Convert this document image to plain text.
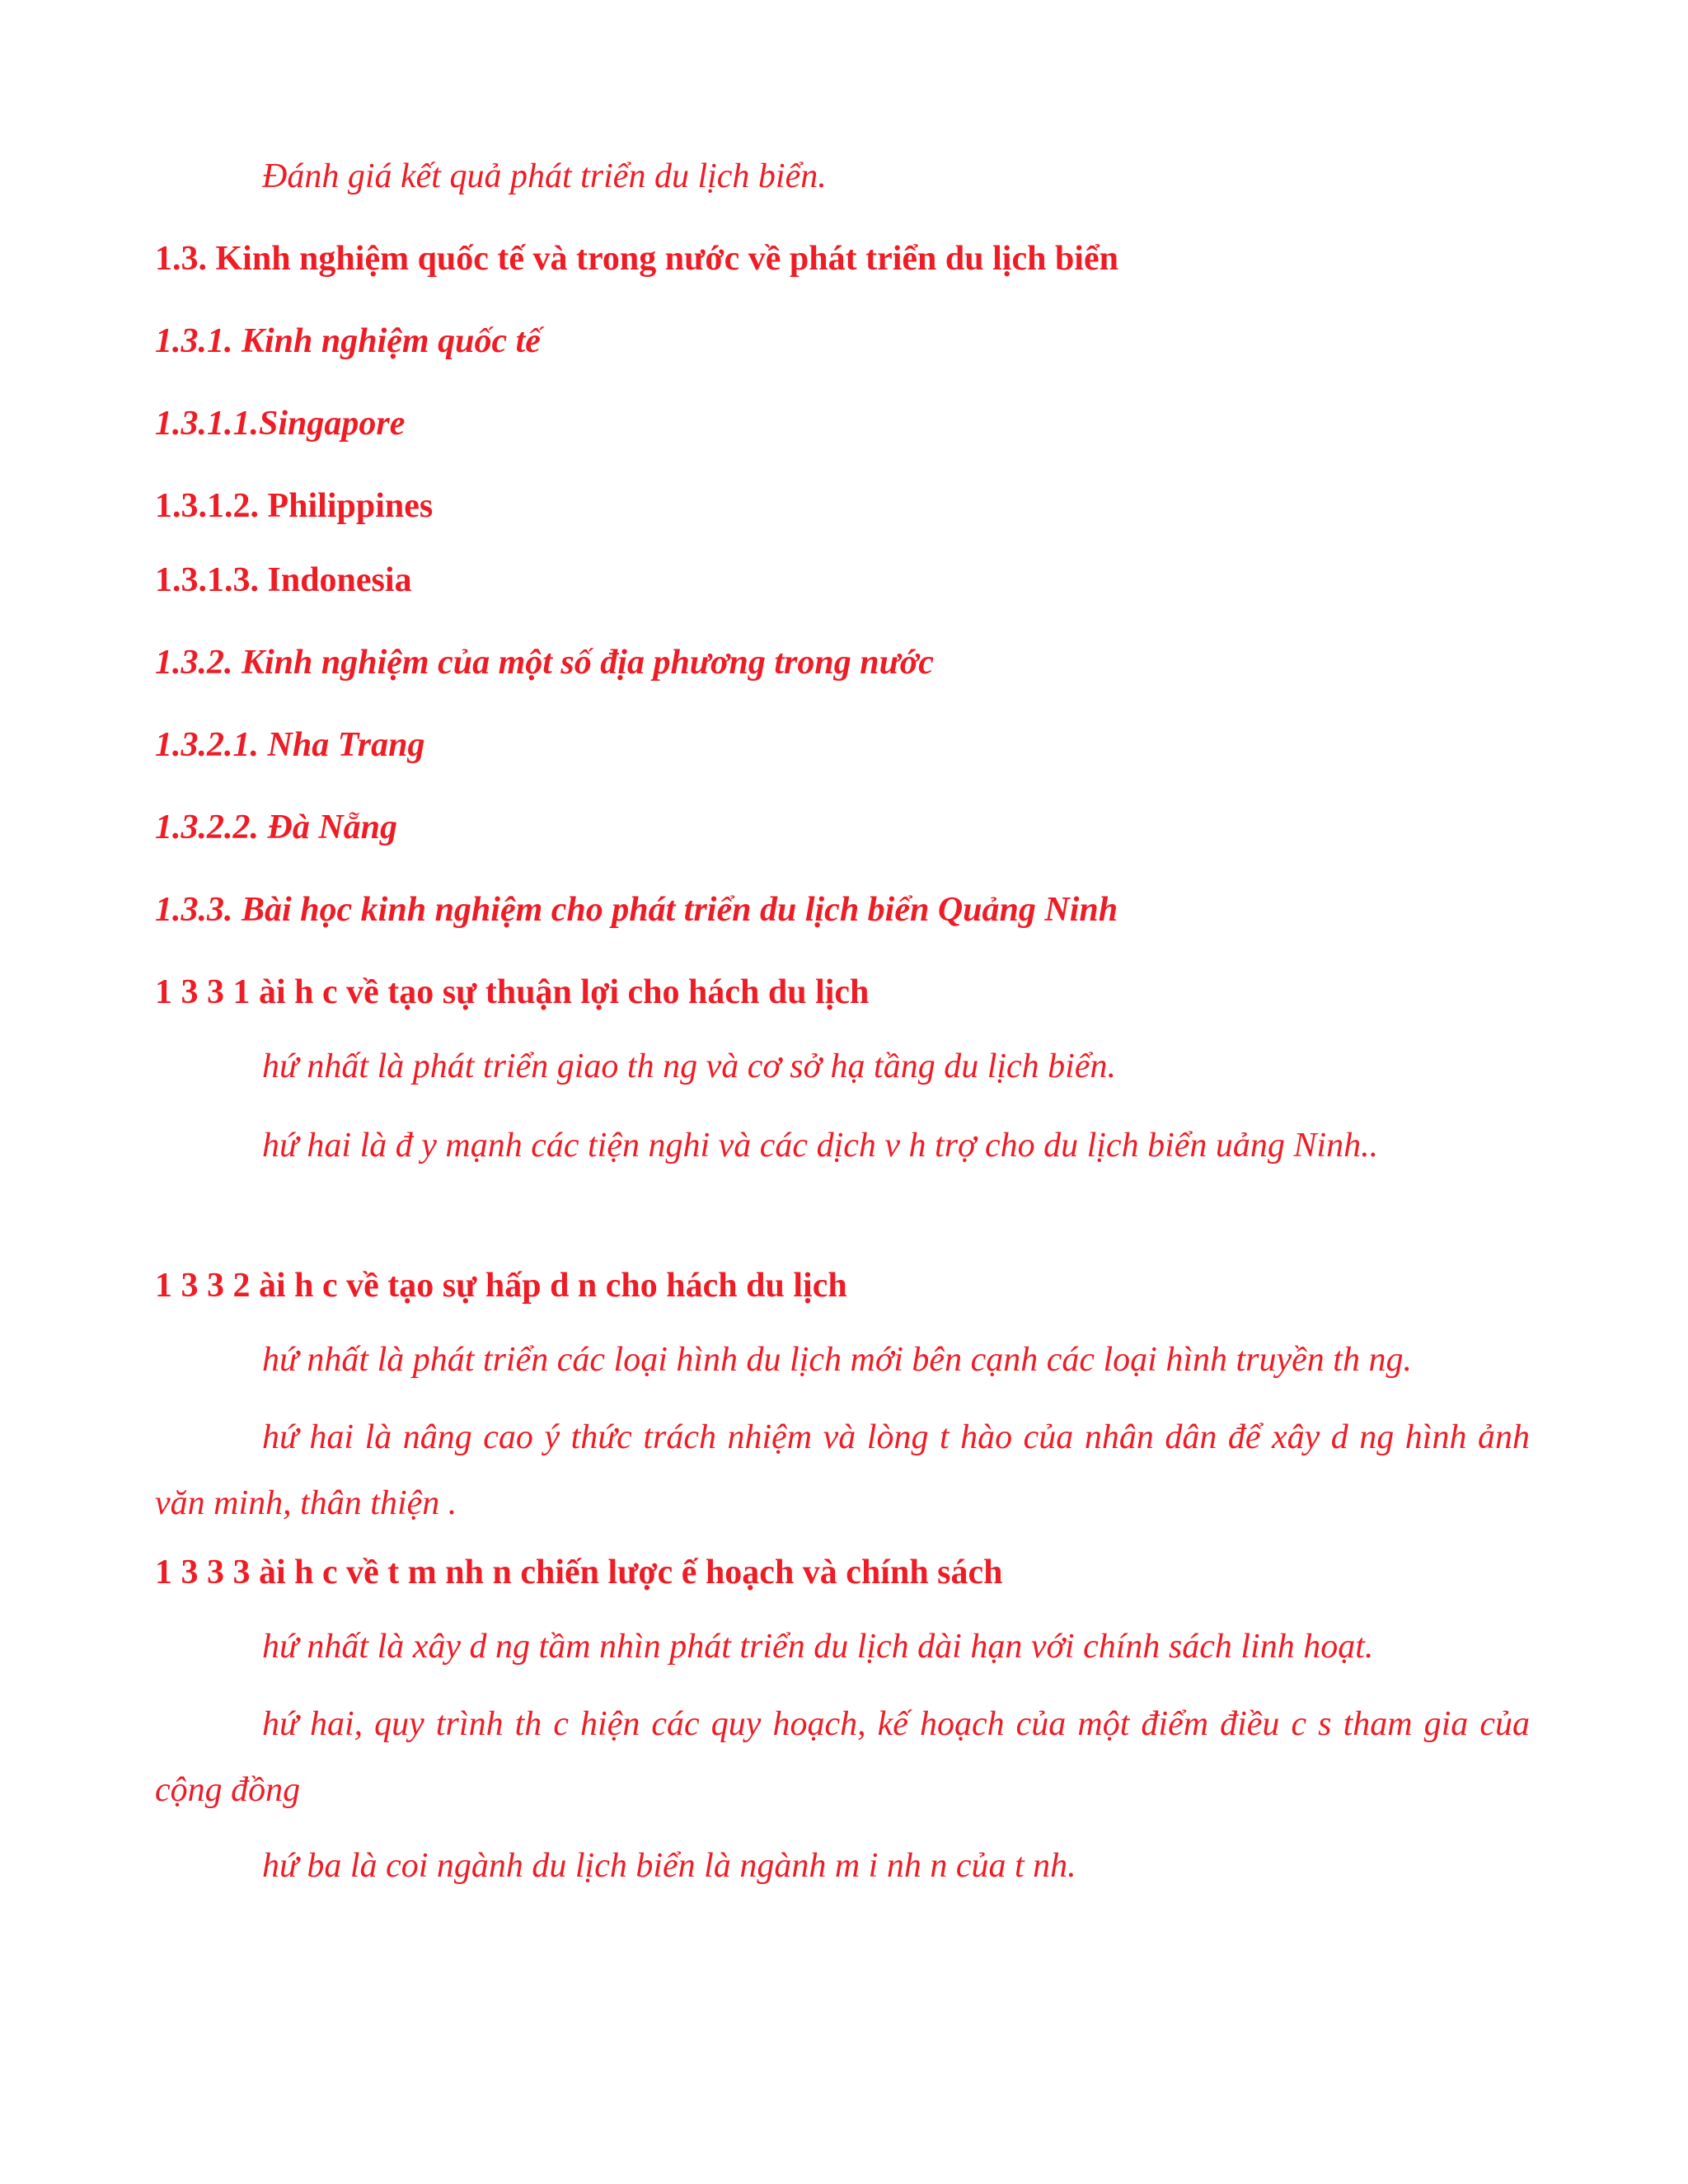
Đánh giá kết quả phát triển du lịch biển.

1.3. Kinh nghiệm quốc tế và trong nước về phát triển du lịch biển

1.3.1. Kinh nghiệm quốc tế

1.3.1.1.Singapore

1.3.1.2. Philippines

1.3.1.3. Indonesia

1.3.2. Kinh nghiệm của một số địa phương trong nước

1.3.2.1. Nha Trang

1.3.2.2. Đà Nẵng

1.3.3. Bài học kinh nghiệm cho phát triển du lịch biển Quảng Ninh

1 3 3 1 ài h c về tạo sự thuận lợi cho hách du lịch

hứ nhất là phát triển giao th ng và cơ sở hạ tầng du lịch biển.

hứ hai là đ y mạnh các tiện nghi và các dịch v h trợ cho du lịch biển uảng Ninh..

1 3 3 2 ài h c về tạo sự hấp d n cho hách du lịch

hứ nhất là phát triển các loại hình du lịch mới bên cạnh các loại hình truyền th ng.

hứ hai là nâng cao ý thức trách nhiệm và lòng t hào của nhân dân để xây d ng hình ảnh văn minh, thân thiện .

1 3 3 3 ài h c về t m nh n chiến lược ế hoạch và chính sách

hứ nhất là xây d ng tầm nhìn phát triển du lịch dài hạn với chính sách linh hoạt.

hứ hai, quy trình th c hiện các quy hoạch, kế hoạch của một điểm điều c s tham gia của cộng đồng

hứ ba là coi ngành du lịch biển là ngành m i nh n của t nh.
